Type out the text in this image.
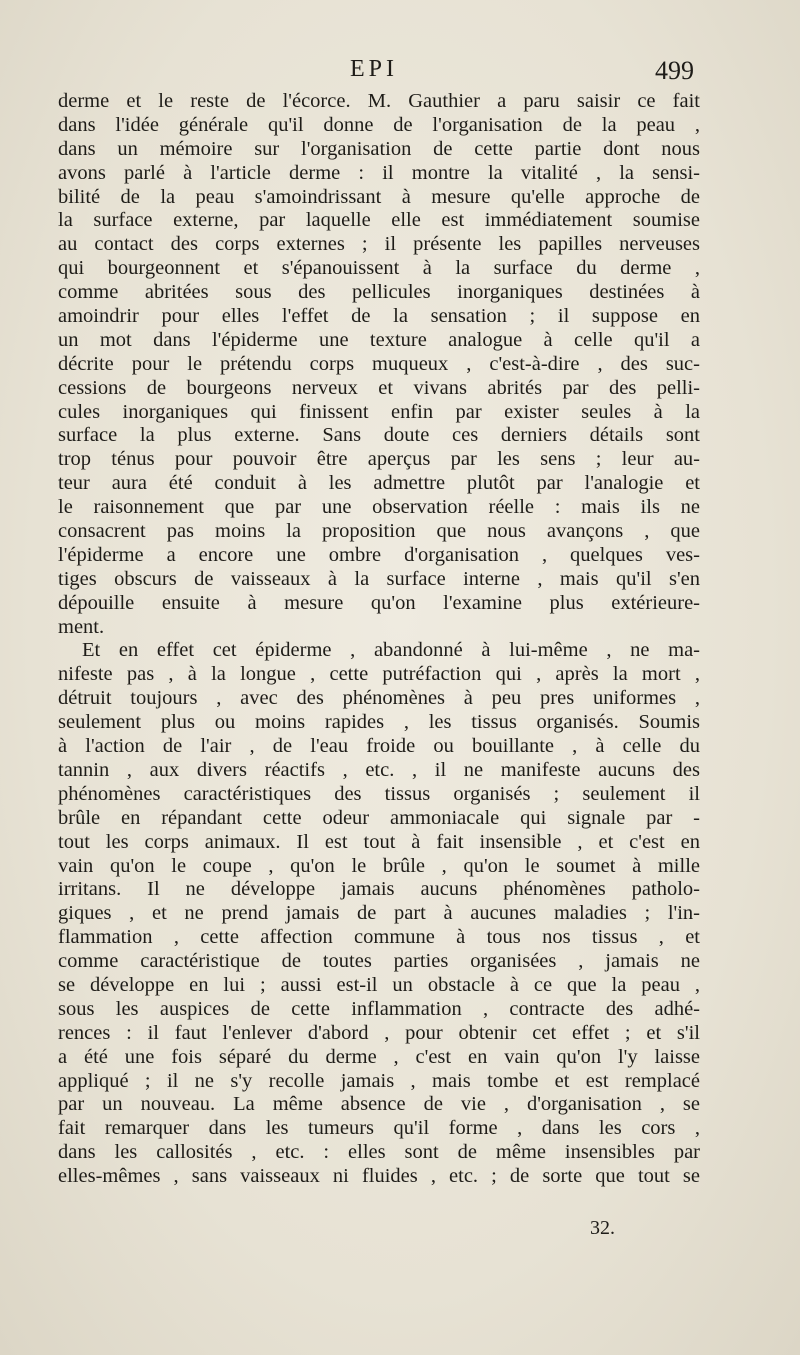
EPI	499
derme et le reste de l'écorce. M. Gauthier a paru saisir ce fait
dans l'idée générale qu'il donne de l'organisation de la peau ,
dans un mémoire sur l'organisation de cette partie dont nous
avons parlé à l'article derme : il montre la vitalité , la sensi-
bilité de la peau s'amoindrissant à mesure qu'elle approche de
la surface externe, par laquelle elle est immédiatement soumise
au contact des corps externes ; il présente les papilles nerveuses
qui bourgeonnent et s'épanouissent à la surface du derme ,
comme abritées sous des pellicules inorganiques destinées à
amoindrir pour elles l'effet de la sensation ; il suppose en
un mot dans l'épiderme une texture analogue à celle qu'il a
décrite pour le prétendu corps muqueux , c'est-à-dire , des suc-
cessions de bourgeons nerveux et vivans abrités par des pelli-
cules inorganiques qui finissent enfin par exister seules à la
surface la plus externe. Sans doute ces derniers détails sont
trop ténus pour pouvoir être aperçus par les sens ; leur au-
teur aura été conduit à les admettre plutôt par l'analogie et
le raisonnement que par une observation réelle : mais ils ne
consacrent pas moins la proposition que nous avançons , que
l'épiderme a encore une ombre d'organisation , quelques ves-
tiges obscurs de vaisseaux à la surface interne , mais qu'il s'en
dépouille ensuite à mesure qu'on l'examine plus extérieure-
ment.
Et en effet cet épiderme , abandonné à lui-même , ne ma-
nifeste pas , à la longue , cette putréfaction qui , après la mort ,
détruit toujours , avec des phénomènes à peu pres uniformes ,
seulement plus ou moins rapides , les tissus organisés. Soumis
à l'action de l'air , de l'eau froide ou bouillante , à celle du
tannin , aux divers réactifs , etc. , il ne manifeste aucuns des
phénomènes caractéristiques des tissus organisés ; seulement il
brûle en répandant cette odeur ammoniacale qui signale par -
tout les corps animaux. Il est tout à fait insensible , et c'est en
vain qu'on le coupe , qu'on le brûle , qu'on le soumet à mille
irritans. Il ne développe jamais aucuns phénomènes patholo-
giques , et ne prend jamais de part à aucunes maladies ; l'in-
flammation , cette affection commune à tous nos tissus , et
comme caractéristique de toutes parties organisées , jamais ne
se développe en lui ; aussi est-il un obstacle à ce que la peau ,
sous les auspices de cette inflammation , contracte des adhé-
rences : il faut l'enlever d'abord , pour obtenir cet effet ; et s'il
a été une fois séparé du derme , c'est en vain qu'on l'y laisse
appliqué ; il ne s'y recolle jamais , mais tombe et est remplacé
par un nouveau. La même absence de vie , d'organisation , se
fait remarquer dans les tumeurs qu'il forme , dans les cors ,
dans les callosités , etc. : elles sont de même insensibles par
elles-mêmes , sans vaisseaux ni fluides , etc. ; de sorte que tout se
32.
